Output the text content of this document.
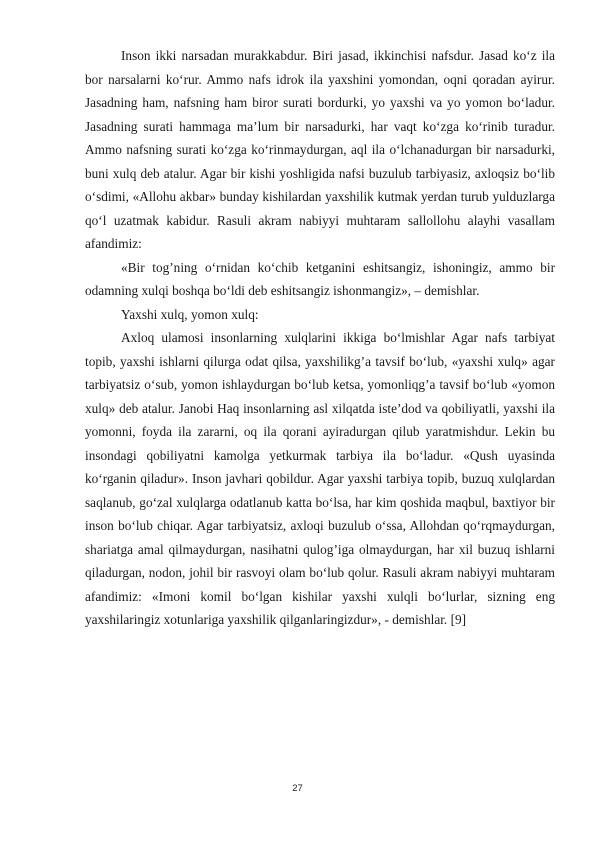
Inson ikki narsadan murakkabdur. Biri jasad, ikkinchisi nafsdur. Jasad ko‘z ila bor narsalarni ko‘rur. Ammo nafs idrok ila yaxshini yomondan, oqni qoradan ayirur. Jasadning ham, nafsning ham biror surati bordurki, yo yaxshi va yo yomon bo‘ladur. Jasadning surati hammaga ma’lum bir narsadurki, har vaqt ko‘zga ko‘rinib turadur. Ammo nafsning surati ko‘zga ko‘rinmaydurgan, aql ila o‘lchanadurgan bir narsadurki, buni xulq deb atalur. Agar bir kishi yoshligida nafsi buzulub tarbiyasiz, axloqsiz bo‘lib o‘sdimi, «Allohu akbar» bunday kishilardan yaxshilik kutmak yerdan turub yulduzlarga qo‘l uzatmak kabidur. Rasuli akram nabiyyi muhtaram sallollohu alayhi vasallam afandimiz:

«Bir tog’ning o‘rnidan ko‘chib ketganini eshitsangiz, ishoningiz, ammo bir odamning xulqi boshqa bo‘ldi deb eshitsangiz ishonmangiz», – demishlar.

Yaxshi xulq, yomon xulq:

Axloq ulamosi insonlarning xulqlarini ikkiga bo‘lmishlar Agar nafs tarbiyat topib, yaxshi ishlarni qilurga odat qilsa, yaxshilikg’a tavsif bo‘lub, «yaxshi xulq» agar tarbiyatsiz o‘sub, yomon ishlaydurgan bo‘lub ketsa, yomonliqg’a tavsif bo‘lub «yomon xulq» deb atalur. Janobi Haq insonlarning asl xilqatda iste’dod va qobiliyatli, yaxshi ila yomonni, foyda ila zararni, oq ila qorani ayiradurgan qilub yaratmishdur. Lekin bu insondagi qobiliyatni kamolga yetkurmak tarbiya ila bo‘ladur. «Qush uyasinda ko‘rganin qiladur». Inson javhari qobildur. Agar yaxshi tarbiya topib, buzuq xulqlardan saqlanub, go‘zal xulqlarga odatlanub katta bo‘lsa, har kim qoshida maqbul, baxtiyor bir inson bo‘lub chiqar. Agar tarbiyatsiz, axloqi buzulub o‘ssa, Allohdan qo‘rqmaydurgan, shariatga amal qilmaydurgan, nasihatni qulog’iga olmaydurgan, har xil buzuq ishlarni qiladurgan, nodon, johil bir rasvoyi olam bo‘lub qolur. Rasuli akram nabiyyi muhtaram afandimiz: «Imoni komil bo‘lgan kishilar yaxshi xulqli bo‘lurlar, sizning eng yaxshilaringiz xotunlariga yaxshilik qilganlaringizdur», - demishlar. [9]

27
